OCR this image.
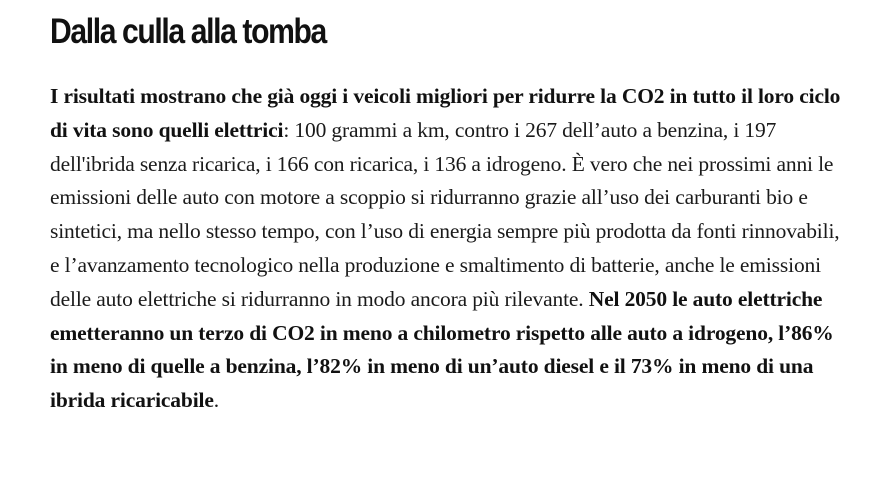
Dalla culla alla tomba

I risultati mostrano che già oggi i veicoli migliori per ridurre la CO2 in tutto il loro ciclo di vita sono quelli elettrici: 100 grammi a km, contro i 267 dell’auto a benzina, i 197 dell'ibrida senza ricarica, i 166 con ricarica, i 136 a idrogeno. È vero che nei prossimi anni le emissioni delle auto con motore a scoppio si ridurranno grazie all’uso dei carburanti bio e sintetici, ma nello stesso tempo, con l’uso di energia sempre più prodotta da fonti rinnovabili, e l’avanzamento tecnologico nella produzione e smaltimento di batterie, anche le emissioni delle auto elettriche si ridurranno in modo ancora più rilevante. Nel 2050 le auto elettriche emetteranno un terzo di CO2 in meno a chilometro rispetto alle auto a idrogeno, l’86% in meno di quelle a benzina, l’82% in meno di un’auto diesel e il 73% in meno di una ibrida ricaricabile.
